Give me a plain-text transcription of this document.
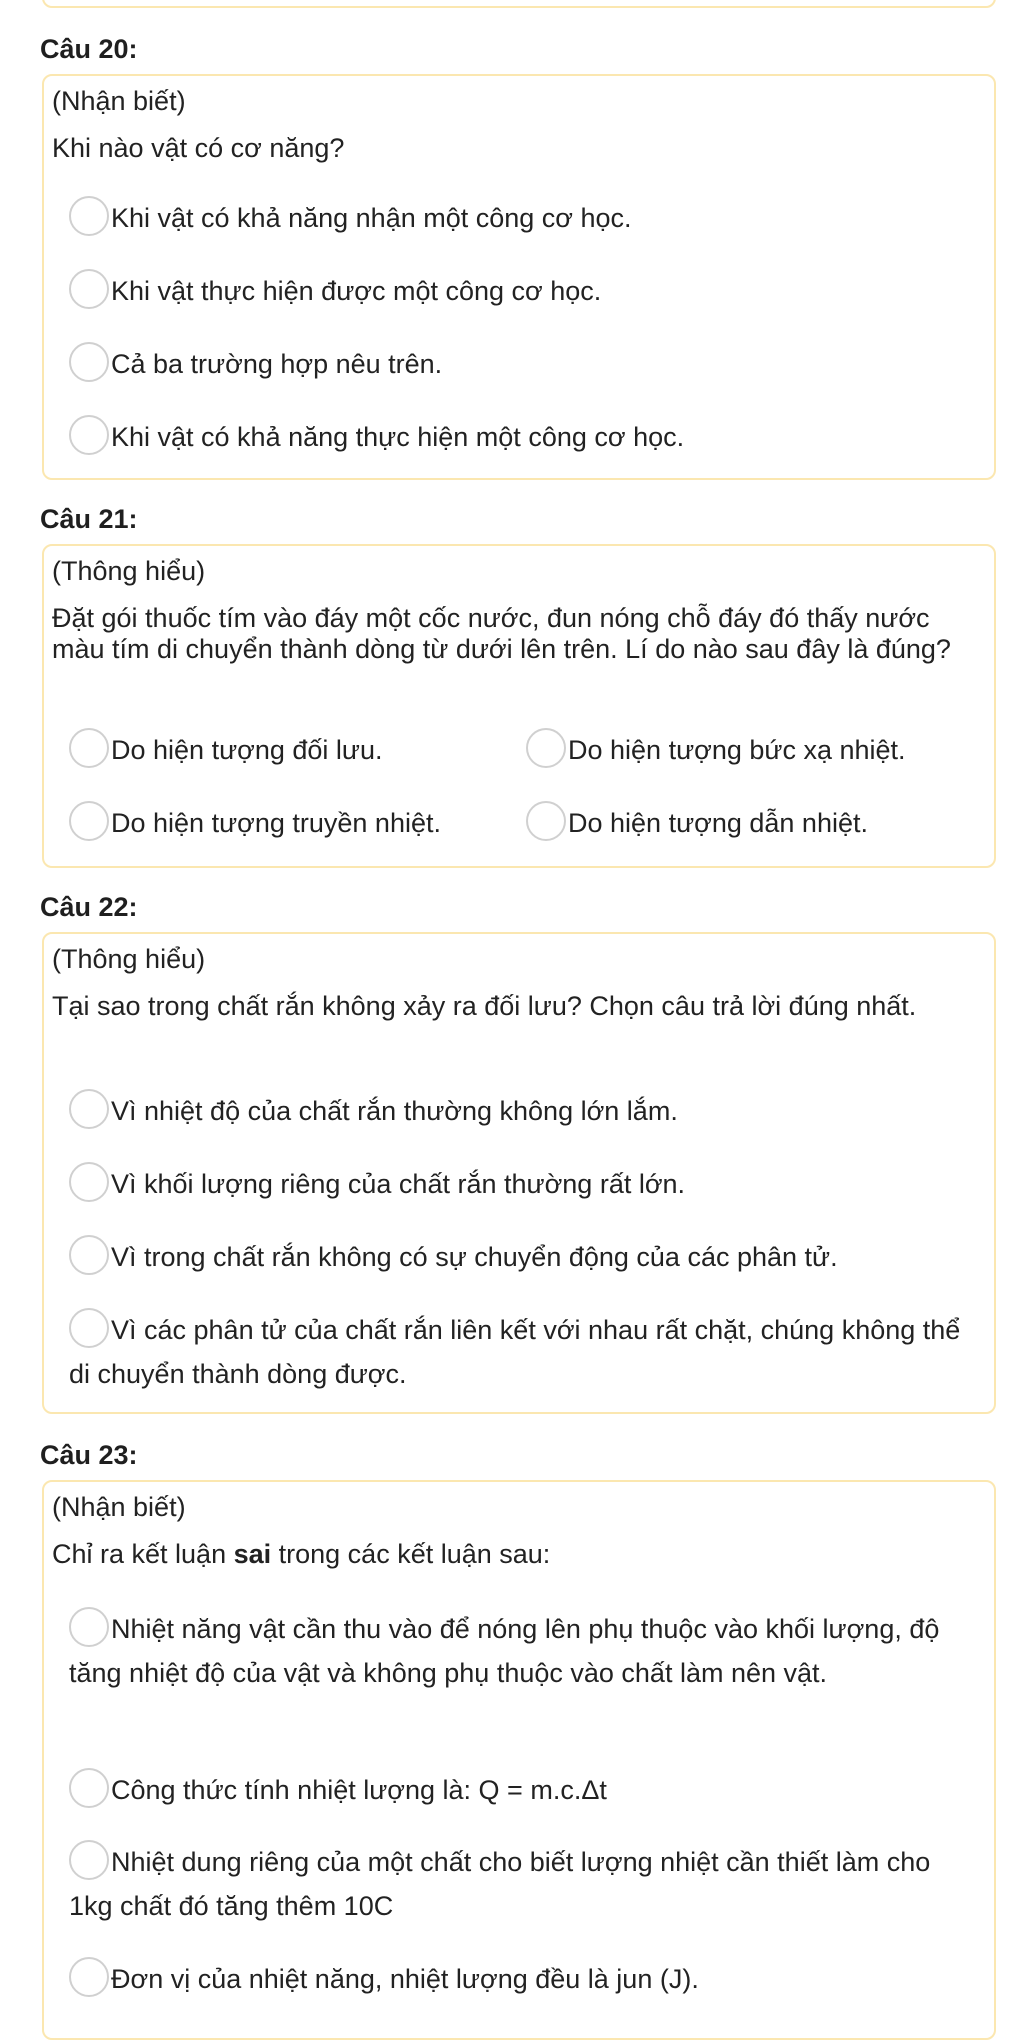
Câu 20:
(Nhận biết)
Khi nào vật có cơ năng?
Khi vật có khả năng nhận một công cơ học.
Khi vật thực hiện được một công cơ học.
Cả ba trường hợp nêu trên.
Khi vật có khả năng thực hiện một công cơ học.
Câu 21:
(Thông hiểu)
Đặt gói thuốc tím vào đáy một cốc nước, đun nóng chỗ đáy đó thấy nước màu tím di chuyển thành dòng từ dưới lên trên. Lí do nào sau đây là đúng?
Do hiện tượng đối lưu.	Do hiện tượng bức xạ nhiệt.
Do hiện tượng truyền nhiệt.	Do hiện tượng dẫn nhiệt.
Câu 22:
(Thông hiểu)
Tại sao trong chất rắn không xảy ra đối lưu? Chọn câu trả lời đúng nhất.
Vì nhiệt độ của chất rắn thường không lớn lắm.
Vì khối lượng riêng của chất rắn thường rất lớn.
Vì trong chất rắn không có sự chuyển động của các phân tử.
Vì các phân tử của chất rắn liên kết với nhau rất chặt, chúng không thể di chuyển thành dòng được.
Câu 23:
(Nhận biết)
Chỉ ra kết luận sai trong các kết luận sau:
Nhiệt năng vật cần thu vào để nóng lên phụ thuộc vào khối lượng, độ tăng nhiệt độ của vật và không phụ thuộc vào chất làm nên vật.
Công thức tính nhiệt lượng là: Q = m.c.Δt
Nhiệt dung riêng của một chất cho biết lượng nhiệt cần thiết làm cho 1kg chất đó tăng thêm 10C
Đơn vị của nhiệt năng, nhiệt lượng đều là jun (J).
